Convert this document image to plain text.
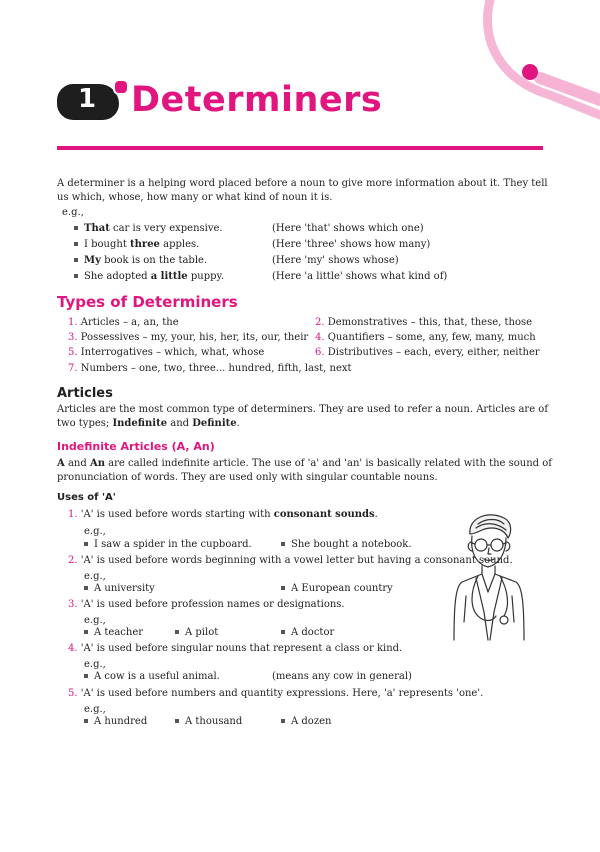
1 Determiners
A determiner is a helping word placed before a noun to give more information about it. They tell us which, whose, how many or what kind of noun it is.
e.g.,
That car is very expensive.	(Here 'that' shows which one)
I bought three apples.	(Here 'three' shows how many)
My book is on the table.	(Here 'my' shows whose)
She adopted a little puppy.	(Here 'a little' shows what kind of)
Types of Determiners
1. Articles – a, an, the	2. Demonstratives – this, that, these, those
3. Possessives – my, your, his, her, its, our, their 4. Quantifiers – some, any, few, many, much
5. Interrogatives – which, what, whose	6. Distributives – each, every, either, neither
7. Numbers – one, two, three... hundred, fifth, last, next
Articles
Articles are the most common type of determiners. They are used to refer a noun. Articles are of two types; Indefinite and Definite.
Indefinite Articles (A, An)
A and An are called indefinite article. The use of 'a' and 'an' is basically related with the sound of pronunciation of words. They are used only with singular countable nouns.
Uses of 'A'
1. 'A' is used before words starting with consonant sounds.
e.g.,
I saw a spider in the cupboard.	She bought a notebook.
2. 'A' is used before words beginning with a vowel letter but having a consonant sound.
e.g.,
A university	A European country
3. 'A' is used before profession names or designations.
e.g.,
A teacher	A pilot	A doctor
4. 'A' is used before singular nouns that represent a class or kind.
e.g.,
A cow is a useful animal.	(means any cow in general)
5. 'A' is used before numbers and quantity expressions. Here, 'a' represents 'one'.
e.g.,
A hundred	A thousand	A dozen
